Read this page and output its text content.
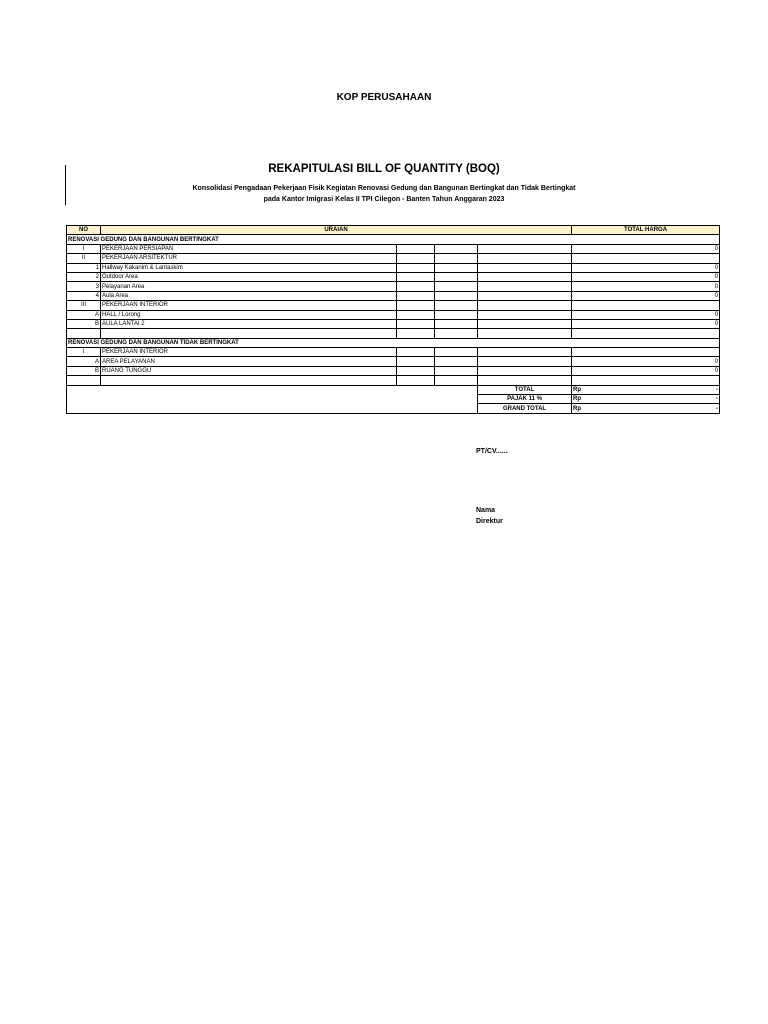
KOP PERUSAHAAN
REKAPITULASI BILL OF QUANTITY (BOQ)
Konsolidasi Pengadaan Pekerjaan Fisik Kegiatan Renovasi Gedung dan Bangunan Bertingkat dan Tidak Bertingkat
pada Kantor Imigrasi Kelas II TPI Cilegon - Banten Tahun Anggaran 2023
NO	URAIAN				TOTAL HARGA
RENOVASI GEDUNG DAN BANGUNAN BERTINGKAT					
I	PEKERJAAN PERSIAPAN				0
II	PEKERJAAN ARSITEKTUR				
1	Hallway Kakanim & Lantaskim				0
2	Outdoor Area				0
3	Pelayanan Area				0
4	Aula Area				0
III	PEKERJAAN INTERIOR				
A	HALL / Lorong				0
B	AULA LANTAI 2				0

RENOVASI GEDUNG DAN BANGUNAN TIDAK BERTINGKAT					
I	PEKERJAAN INTERIOR				
A	AREA PELAYANAN				0
B	RUANG TUNGGU				0

				TOTAL	Rp -

				PAJAK 11 %	Rp -

				GRAND TOTAL	Rp -
PT/CV......
Nama
Direktur
